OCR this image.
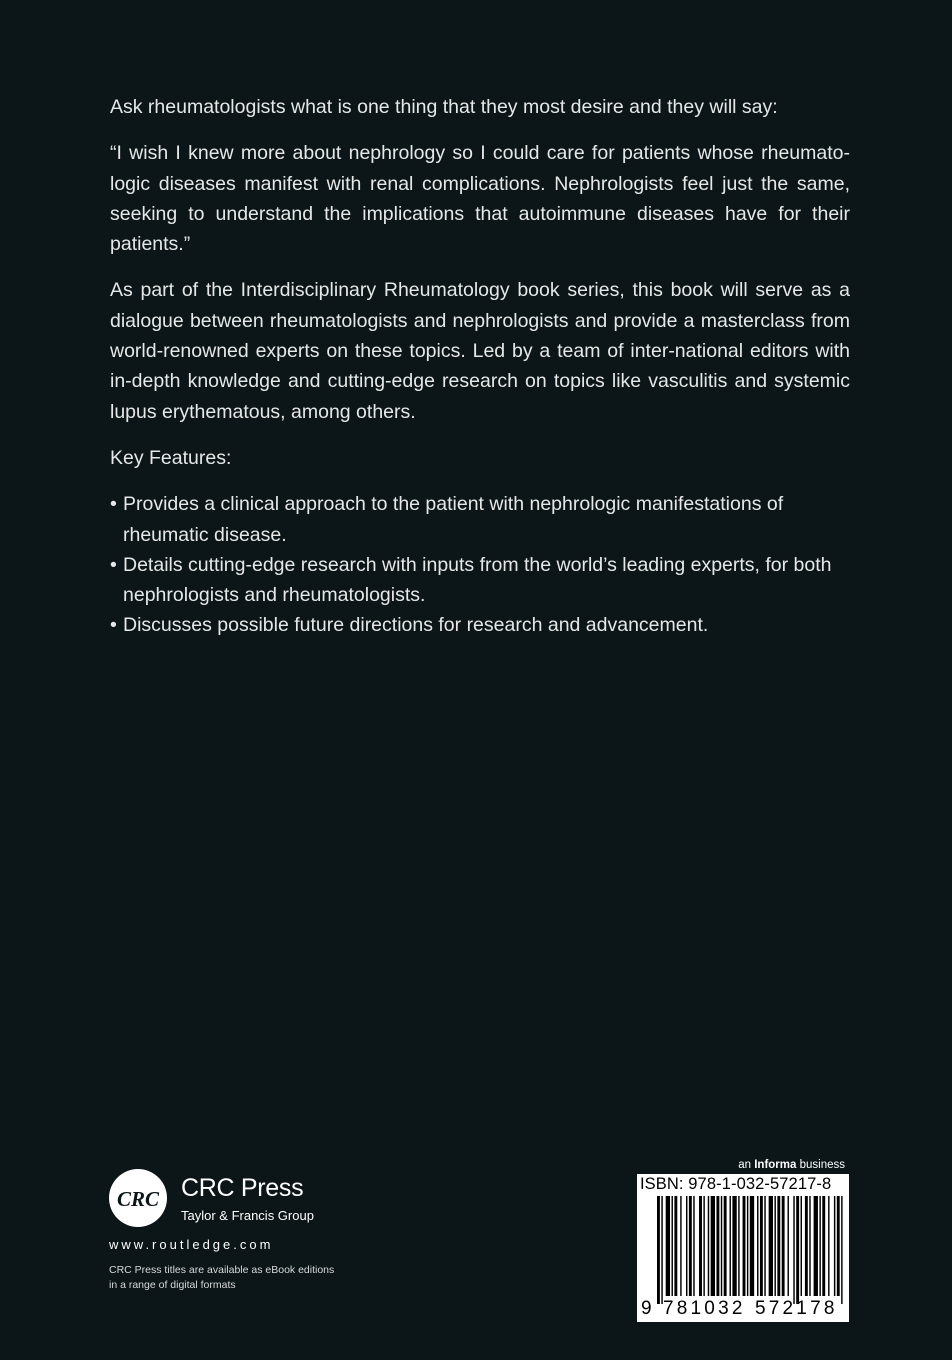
Ask rheumatologists what is one thing that they most desire and they will say:

“I wish I knew more about nephrology so I could care for patients whose rheumato-logic diseases manifest with renal complications. Nephrologists feel just the same, seeking to understand the implications that autoimmune diseases have for their patients.”

As part of the Interdisciplinary Rheumatology book series, this book will serve as a dialogue between rheumatologists and nephrologists and provide a masterclass from world-renowned experts on these topics. Led by a team of inter-national editors with in-depth knowledge and cutting-edge research on topics like vasculitis and systemic lupus erythematous, among others.

Key Features:

• Provides a clinical approach to the patient with nephrologic manifestations of rheumatic disease.
• Details cutting-edge research with inputs from the world’s leading experts, for both nephrologists and rheumatologists.
• Discusses possible future directions for research and advancement.
CRC CRC Press
Taylor & Francis Group
www.routledge.com
CRC Press titles are available as eBook editions
in a range of digital formats
an Informa business
ISBN: 978-1-032-57217-8
9 781032 572178
